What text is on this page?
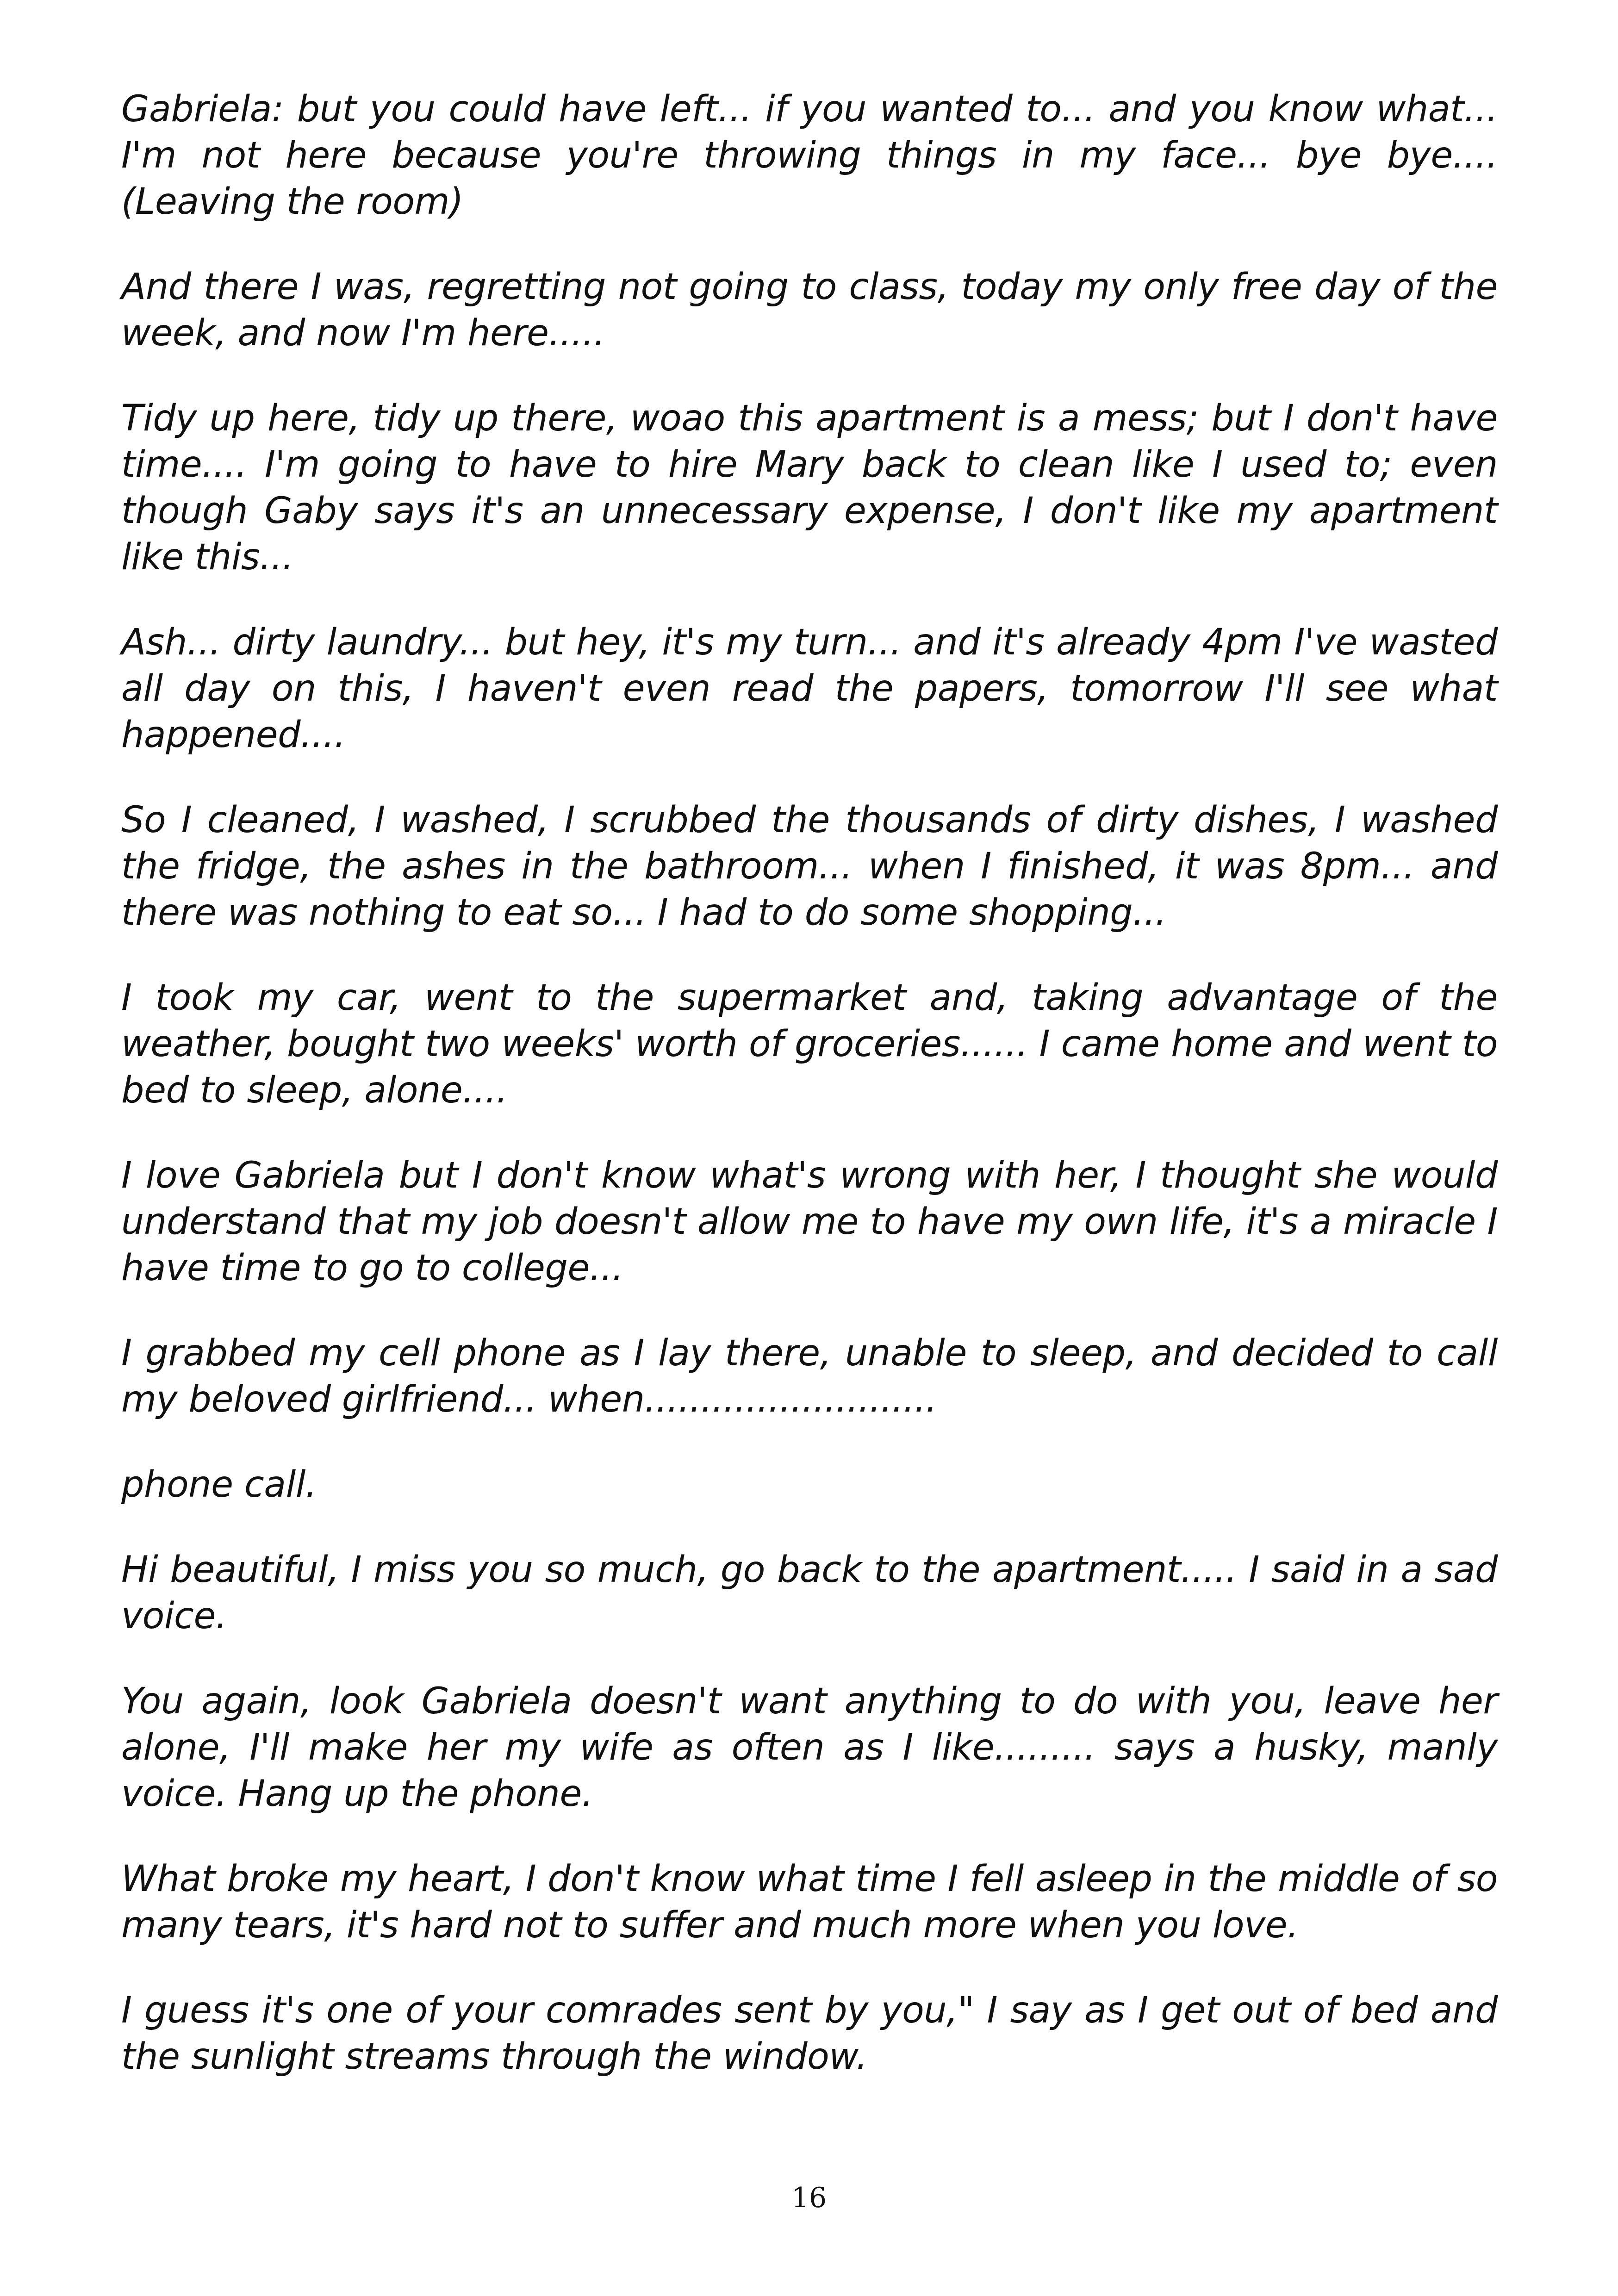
Gabriela: but you could have left... if you wanted to... and you know what... I'm not here because you're throwing things in my face... bye bye.... (Leaving the room)

And there I was, regretting not going to class, today my only free day of the week, and now I'm here.....

Tidy up here, tidy up there, woao this apartment is a mess; but I don't have time.... I'm going to have to hire Mary back to clean like I used to; even though Gaby says it's an unnecessary expense, I don't like my apartment like this...

Ash... dirty laundry... but hey, it's my turn... and it's already 4pm I've wasted all day on this, I haven't even read the papers, tomorrow I'll see what happened....

So I cleaned, I washed, I scrubbed the thousands of dirty dishes, I washed the fridge, the ashes in the bathroom... when I finished, it was 8pm... and there was nothing to eat so... I had to do some shopping...

I took my car, went to the supermarket and, taking advantage of the weather, bought two weeks' worth of groceries...... I came home and went to bed to sleep, alone....

I love Gabriela but I don't know what's wrong with her, I thought she would understand that my job doesn't allow me to have my own life, it's a miracle I have time to go to college...

I grabbed my cell phone as I lay there, unable to sleep, and decided to call my beloved girlfriend... when..........................

phone call.

Hi beautiful, I miss you so much, go back to the apartment..... I said in a sad voice.

You again, look Gabriela doesn't want anything to do with you, leave her alone, I'll make her my wife as often as I like......... says a husky, manly voice. Hang up the phone.

What broke my heart, I don't know what time I fell asleep in the middle of so many tears, it's hard not to suffer and much more when you love.

I guess it's one of your comrades sent by you," I say as I get out of bed and the sunlight streams through the window.

16
